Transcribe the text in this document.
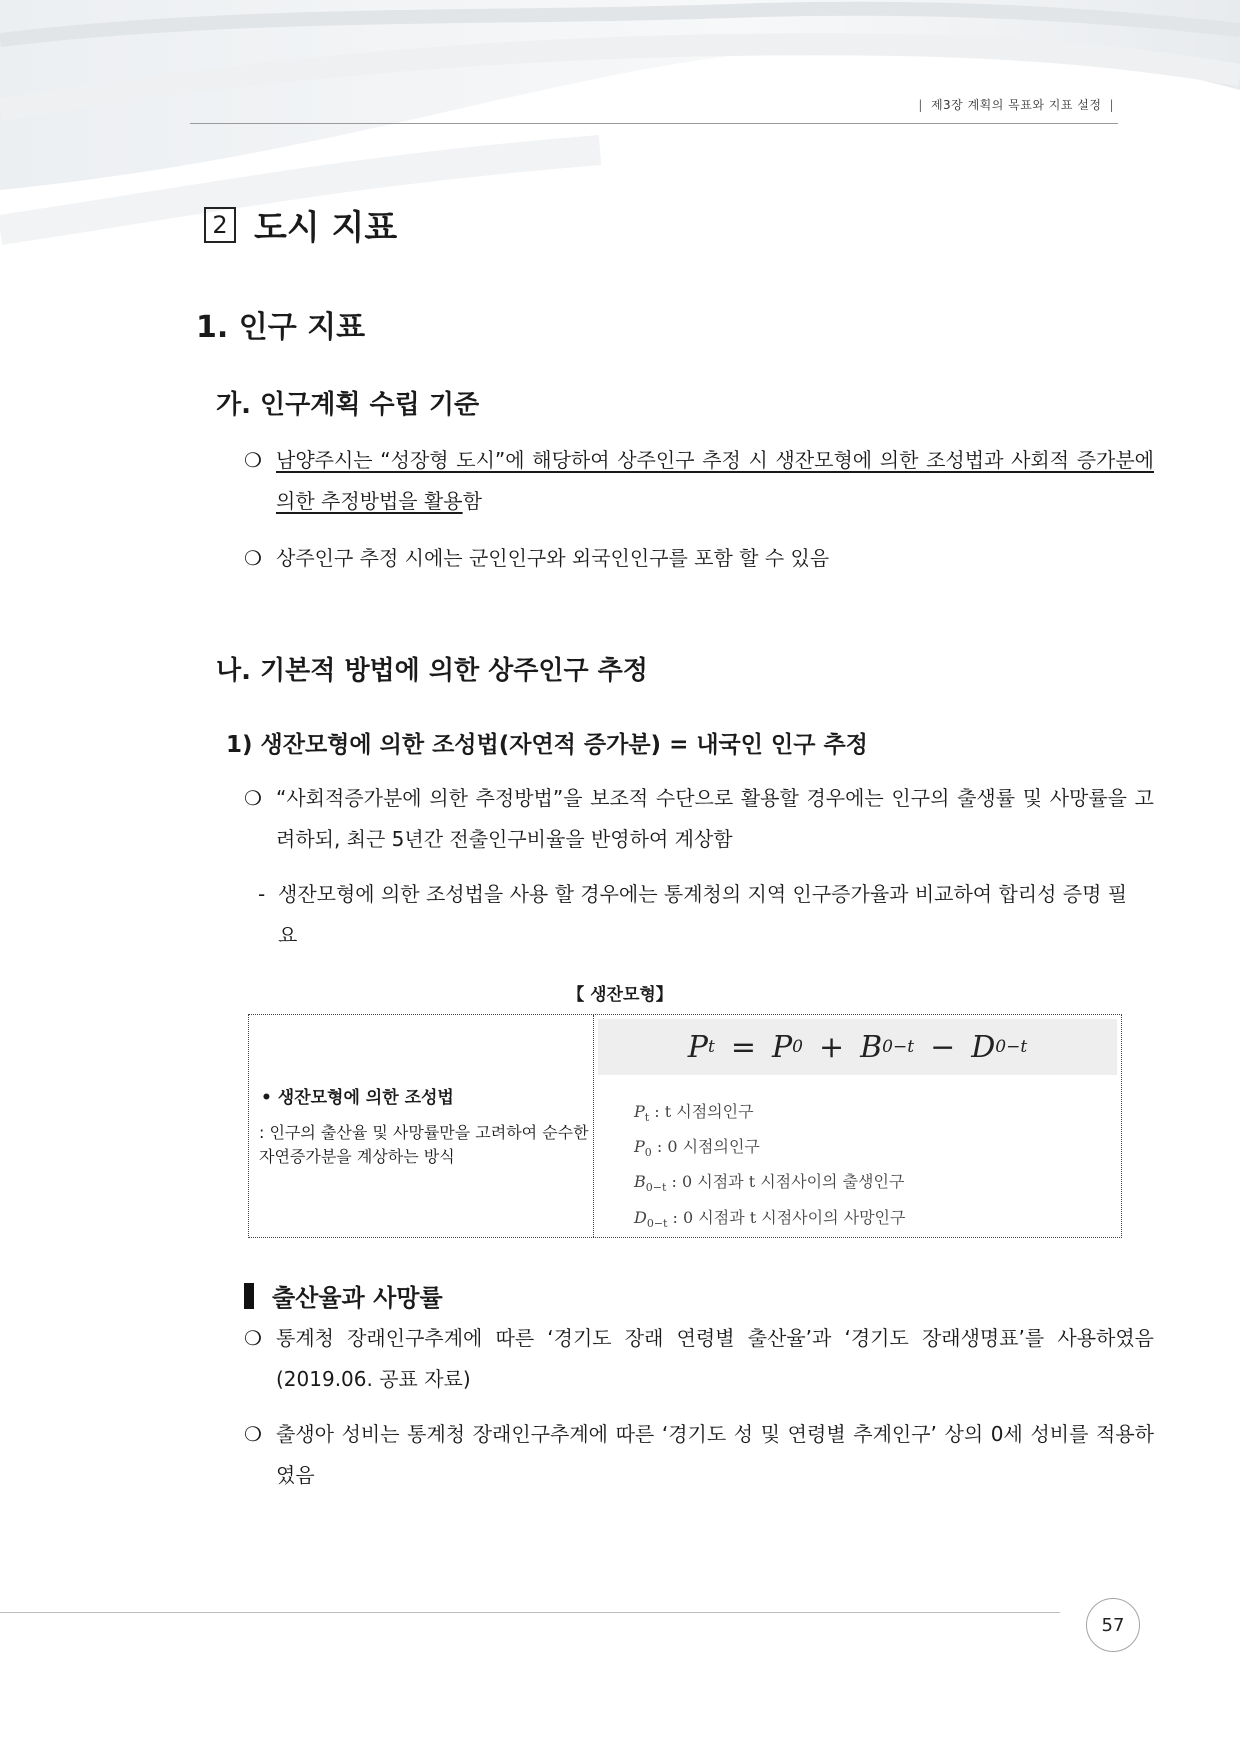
| 제3장 계획의 목표와 지표 설정 |
2 도시 지표
1. 인구 지표
가. 인구계획 수립 기준
❍ 남양주시는 “성장형 도시”에 해당하여 상주인구 추정 시 생잔모형에 의한 조성법과 사회적 증가분에 의한 추정방법을 활용함
❍ 상주인구 추정 시에는 군인인구와 외국인인구를 포함 할 수 있음
나. 기본적 방법에 의한 상주인구 추정
1) 생잔모형에 의한 조성법(자연적 증가분) = 내국인 인구 추정
❍ “사회적증가분에 의한 추정방법”을 보조적 수단으로 활용할 경우에는 인구의 출생률 및 사망률을 고려하되, 최근 5년간 전출인구비율을 반영하여 계상함
- 생잔모형에 의한 조성법을 사용 할 경우에는 통계청의 지역 인구증가율과 비교하여 합리성 증명 필요
【 생잔모형】
• 생잔모형에 의한 조성법
: 인구의 출산율 및 사망률만을 고려하여 순수한 자연증가분을 계상하는 방식
P t = P 0 + B 0−t − D 0−t
$P_t$ : t 시점의인구
$P_0$ : 0 시점의인구
$B_{0-t}$ : 0 시점과 t 시점사이의 출생인구
$D_{0-t}$ : 0 시점과 t 시점사이의 사망인구
출산율과 사망률
❍ 통계청 장래인구추계에 따른 ‘경기도 장래 연령별 출산율’과 ‘경기도 장래생명표’를 사용하였음(2019.06. 공표 자료)
❍ 출생아 성비는 통계청 장래인구추계에 따른 ‘경기도 성 및 연령별 추계인구’ 상의 0세 성비를 적용하였음
57
